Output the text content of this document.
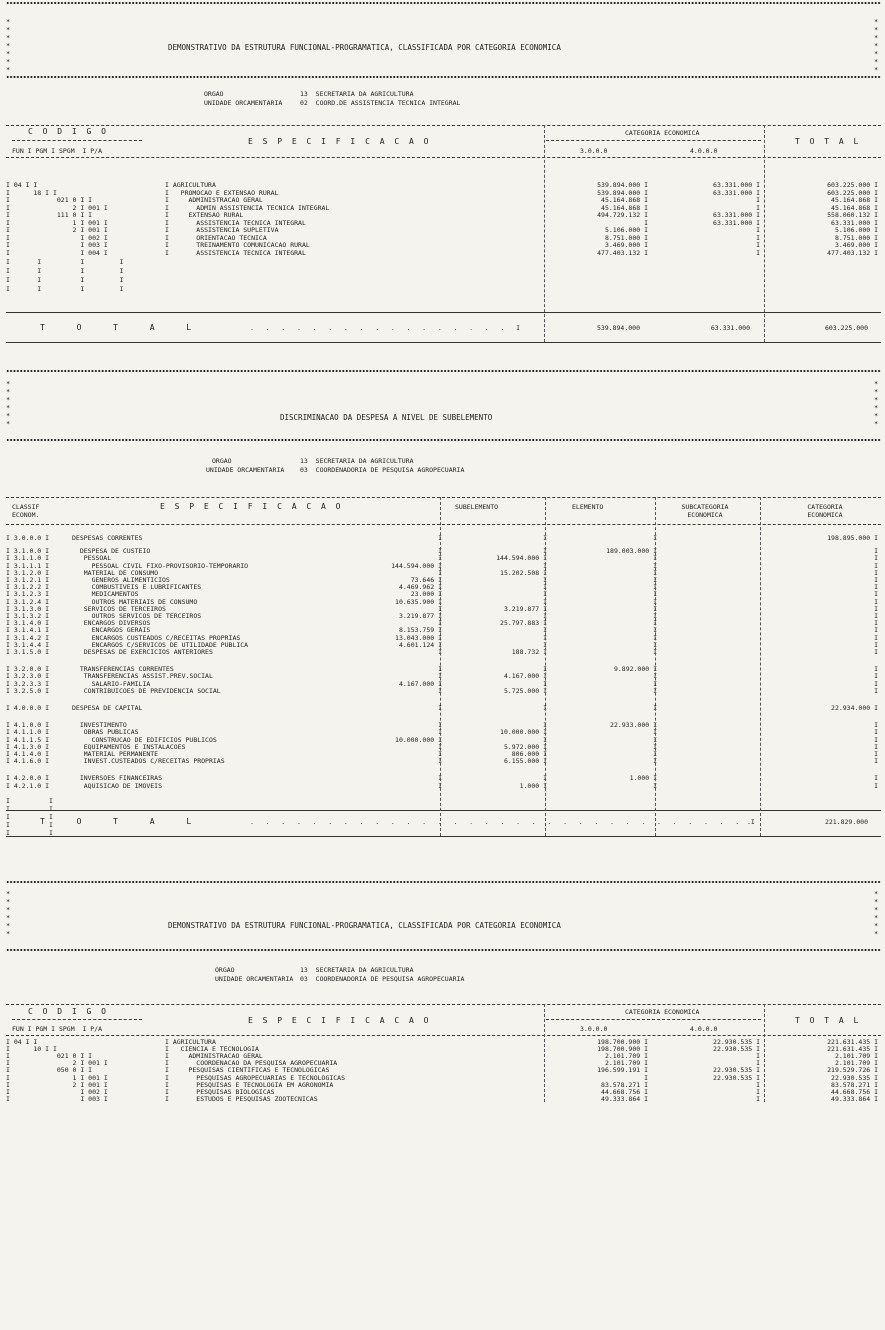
*
*
*
*
*
*
*
*
*
*
*
*
*
*
DEMONSTRATIVO DA ESTRUTURA FUNCIONAL-PROGRAMATICA, CLASSIFICADA POR CATEGORIA ECONOMICA
ORGAO	13  SECRETARIA DA AGRICULTURA
UNIDADE ORCAMENTARIA	02  COORD.DE ASSISTENCIA TECNICA INTEGRAL
C O D I G O
FUN I PGM I SPGM  I P/A
E S P E C I F I C A C A O
CATEGORIA ECONOMICA
3.0.0.0	4.0.0.0
T O T A L
I 04 I I	I AGRICULTURA	539.894.000 I	63.331.000 I	603.225.000 I
I      18 I I	I   PROMOCAO E EXTENSAO RURAL	539.894.000 I	63.331.000 I	603.225.000 I
I            021 0 I I	I     ADMINISTRACAO GERAL	45.164.868 I	I	45.164.868 I
I                2 I 001 I	I       ADMIN ASSISTENCIA TECNICA INTEGRAL	45.164.868 I	I	45.164.868 I
I            111 0 I I	I     EXTENSAO RURAL	494.729.132 I	63.331.000 I	558.060.132 I
I                1 I 001 I	I       ASSISTENCIA TECNICA INTEGRAL	I	63.331.000 I	63.331.000 I
I                2 I 001 I	I       ASSISTENCIA SUPLETIVA	5.106.000 I	I	5.106.000 I
I                  I 002 I	I       ORIENTACAO TECNICA	8.751.000 I	I	8.751.000 I
I                  I 003 I	I       TREINAMENTO COMUNICACAO RURAL	3.469.000 I	I	3.469.000 I
I                  I 004 I	I       ASSISTENCIA TECNICA INTEGRAL	477.403.132 I	I	477.403.132 I
I       I          I         I
I       I          I         I
I       I          I         I
I       I          I         I
T    O    T    A    L	.   .   .   .   .   .   .   .   .   .   .   .   .   .   .   .   .   I	539.894.000	63.331.000	603.225.000
*
*
*
*
*
*
*
*
*
*
*
*
DISCRIMINACAO DA DESPESA A NIVEL DE SUBELEMENTO
ORGAO	13  SECRETARIA DA AGRICULTURA
UNIDADE ORCAMENTARIA 03  COORDENADORIA DE PESQUISA AGROPECUARIA
CLASSIF
ECONOM.
E S P E C I F I C A C A O	SUBELEMENTO	ELEMENTO	SUBCATEGORIA
ECONOMICA
CATEGORIA
ECONOMICA
I 3.0.0.0 I	DESPESAS CORRENTES	I	I	I	198.895.000 I
I 3.1.0.0 I	DESPESA DE CUSTEIO	I	I	189.003.000 I	I
I 3.1.1.0 I	PESSOAL	I	144.594.000 I	I	I
I 3.1.1.1 I	PESSOAL CIVIL FIXO-PROVISORIO-TEMPORARIO	144.594.000 I	I	I	I
I 3.1.2.0 I	MATERIAL DE CONSUMO	I	15.202.508 I	I	I
I 3.1.2.1 I	GENEROS ALIMENTICIOS	73.646 I	I	I	I
I 3.1.2.2 I	COMBUSTIVEIS E LUBRIFICANTES	4.469.962 I	I	I	I
I 3.1.2.3 I	MEDICAMENTOS	23.000 I	I	I	I
I 3.1.2.4 I	OUTROS MATERIAIS DE CONSUMO	10.635.900 I	I	I	I
I 3.1.3.0 I	SERVICOS DE TERCEIROS	I	3.219.877 I	I	I
I 3.1.3.2 I	OUTROS SERVICOS DE TERCEIROS	3.219.877 I	I	I	I
I 3.1.4.0 I	ENCARGOS DIVERSOS	I	25.797.883 I	I	I
I 3.1.4.1 I	ENCARGOS GERAIS	8.153.759 I	I	I	I
I 3.1.4.2 I	ENCARGOS CUSTEADOS C/RECEITAS PROPRIAS	13.043.000 I	I	I	I
I 3.1.4.4 I	ENCARGOS C/SERVICOS DE UTILIDADE PUBLICA	4.601.124 I	I	I	I
I 3.1.5.0 I	DESPESAS DE EXERCICIOS ANTERIORES	I	188.732 I	I	I
I 3.2.0.0 I	TRANSFERENCIAS CORRENTES	I	I	9.892.000 I	I
I 3.2.3.0 I	TRANSFERENCIAS ASSIST.PREV.SOCIAL	I	4.167.000 I	I	I
I 3.2.3.3 I	SALARIO-FAMILIA	4.167.000 I	I	I	I
I 3.2.5.0 I	CONTRIBUICOES DE PREVIDENCIA SOCIAL	I	5.725.000 I	I	I
I 4.0.0.0 I	DESPESA DE CAPITAL	I	I	I	22.934.000 I
I 4.1.0.0 I	INVESTIMENTO	I	I	22.933.000 I	I
I 4.1.1.0 I	OBRAS PUBLICAS	I	10.000.000 I	I	I
I 4.1.1.5 I	CONSTRUCAO DE EDIFICIOS PUBLICOS	10.000.000 I	I	I	I
I 4.1.3.0 I	EQUIPAMENTOS E INSTALACOES	I	5.972.000 I	I	I
I 4.1.4.0 I	MATERIAL PERMANENTE	I	806.000 I	I	I
I 4.1.6.0 I	INVEST.CUSTEADOS C/RECEITAS PROPRIAS	I	6.155.000 I	I	I
I 4.2.0.0 I	INVERSOES FINANCEIRAS	I	I	1.000 I	I
I 4.2.1.0 I	AQUISICAO DE IMOVEIS	I	1.000 I	I	I
I          I
I          I
I          I
I          I
I          I
T    O    T    A    L	.   .   .   .   .   .   .   .   .   .   .   .   .   .   .   .   .   .   .   .   .   .   .   .   .   .   .   .   .   .   .   .  .I	221.829.000
*
*
*
*
*
*
*
*
*
*
*
*
DEMONSTRATIVO DA ESTRUTURA FUNCIONAL-PROGRAMATICA, CLASSIFICADA POR CATEGORIA ECONOMICA
ORGAO	13  SECRETARIA DA AGRICULTURA
UNIDADE ORCAMENTARIA 03  COORDENADORIA DE PESQUISA AGROPECUARIA
C O D I G O
FUN I PGM I SPGM  I P/A
E S P E C I F I C A C A O
CATEGORIA ECONOMICA
3.0.0.0	4.0.0.0
T O T A L
I 04 I I	I AGRICULTURA	198.700.900 I	22.930.535 I	221.631.435 I
I      10 I I	I   CIENCIA E TECNOLOGIA	198.700.900 I	22.930.535 I	221.631.435 I
I            021 0 I I	I     ADMINISTRACAO GERAL	2.101.709 I	I	2.101.709 I
I                2 I 001 I	I       COORDENACAO DA PESQUISA AGROPECUARIA	2.101.709 I	I	2.101.709 I
I            050 0 I I	I     PESQUISAS CIENTIFICAS E TECNOLOGICAS	196.599.191 I	22.930.535 I	219.529.726 I
I                1 I 001 I	I       PESQUISAS AGROPECUARIAS E TECNOLOGICAS	I	22.930.535 I	22.930.535 I
I                2 I 001 I	I       PESQUISAS E TECNOLOGIA EM AGRONOMIA	83.578.271 I	I	83.578.271 I
I                  I 002 I	I       PESQUISAS BIOLOGICAS	44.668.756 I	I	44.668.756 I
I                  I 003 I	I       ESTUDOS E PESQUISAS ZOOTECNICAS	49.333.864 I	I	49.333.864 I
